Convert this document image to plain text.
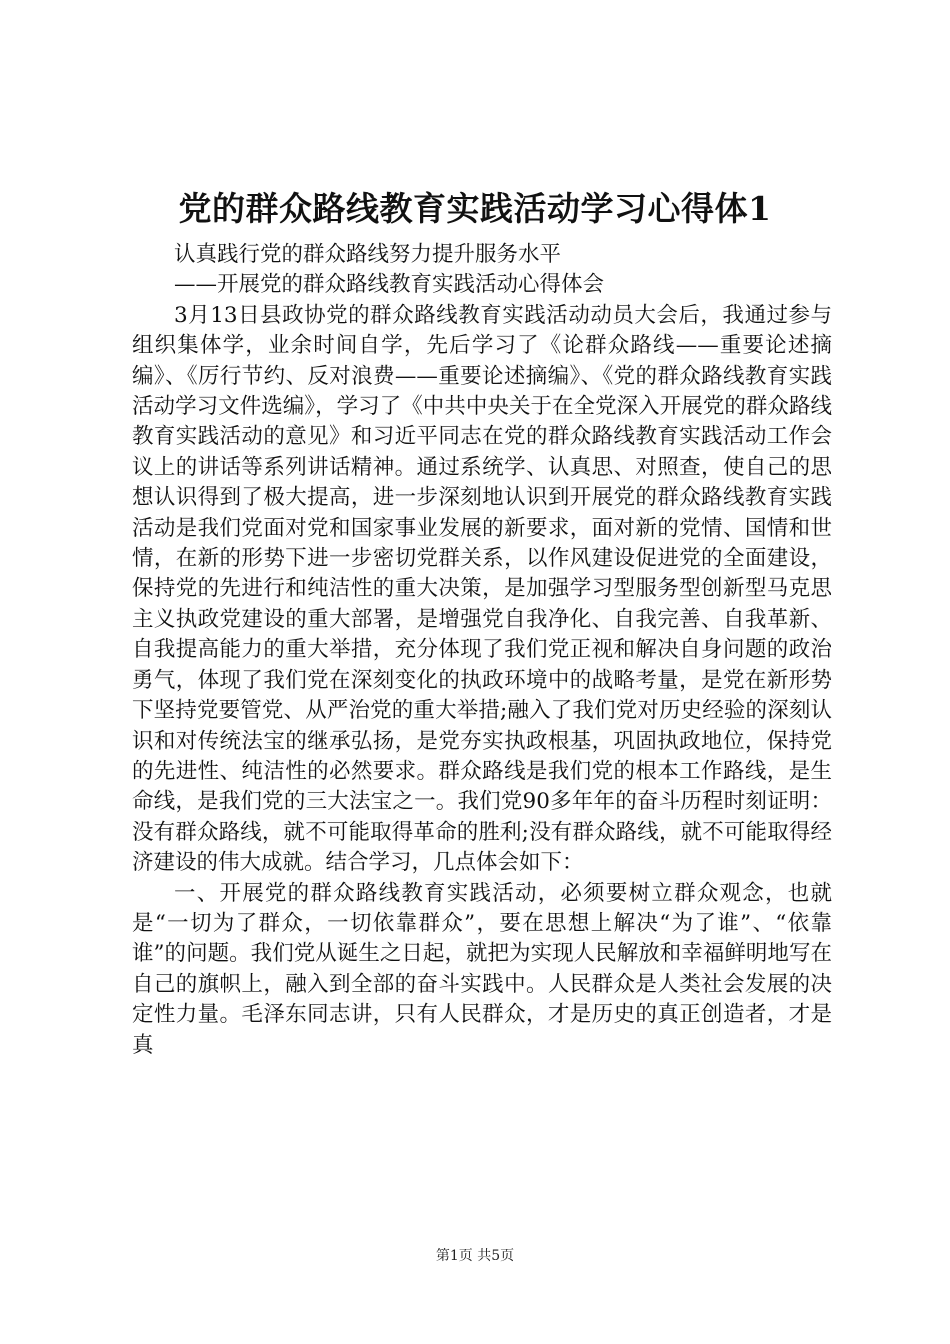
党的群众路线教育实践活动学习心得体1

认真践行党的群众路线努力提升服务水平

——开展党的群众路线教育实践活动心得体会

3月13日县政协党的群众路线教育实践活动动员大会后，我通过参与组织集体学，业余时间自学，先后学习了《论群众路线——重要论述摘编》、《厉行节约、反对浪费——重要论述摘编》、《党的群众路线教育实践活动学习文件选编》，学习了《中共中央关于在全党深入开展党的群众路线教育实践活动的意见》和习近平同志在党的群众路线教育实践活动工作会议上的讲话等系列讲话精神。通过系统学、认真思、对照查，使自己的思想认识得到了极大提高，进一步深刻地认识到开展党的群众路线教育实践活动是我们党面对党和国家事业发展的新要求，面对新的党情、国情和世情，在新的形势下进一步密切党群关系，以作风建设促进党的全面建设，保持党的先进行和纯洁性的重大决策，是加强学习型服务型创新型马克思主义执政党建设的重大部署，是增强党自我净化、自我完善、自我革新、自我提高能力的重大举措，充分体现了我们党正视和解决自身问题的政治勇气，体现了我们党在深刻变化的执政环境中的战略考量，是党在新形势下坚持党要管党、从严治党的重大举措;融入了我们党对历史经验的深刻认识和对传统法宝的继承弘扬，是党夯实执政根基，巩固执政地位，保持党的先进性、纯洁性的必然要求。群众路线是我们党的根本工作路线，是生命线，是我们党的三大法宝之一。我们党90多年年的奋斗历程时刻证明：没有群众路线，就不可能取得革命的胜利;没有群众路线，就不可能取得经济建设的伟大成就。结合学习，几点体会如下：

一、开展党的群众路线教育实践活动，必须要树立群众观念，也就是“一切为了群众，一切依靠群众”，要在思想上解决“为了谁”、“依靠谁”的问题。我们党从诞生之日起，就把为实现人民解放和幸福鲜明地写在自己的旗帜上，融入到全部的奋斗实践中。人民群众是人类社会发展的决定性力量。毛泽东同志讲，只有人民群众，才是历史的真正创造者，才是真

第1页 共5页
